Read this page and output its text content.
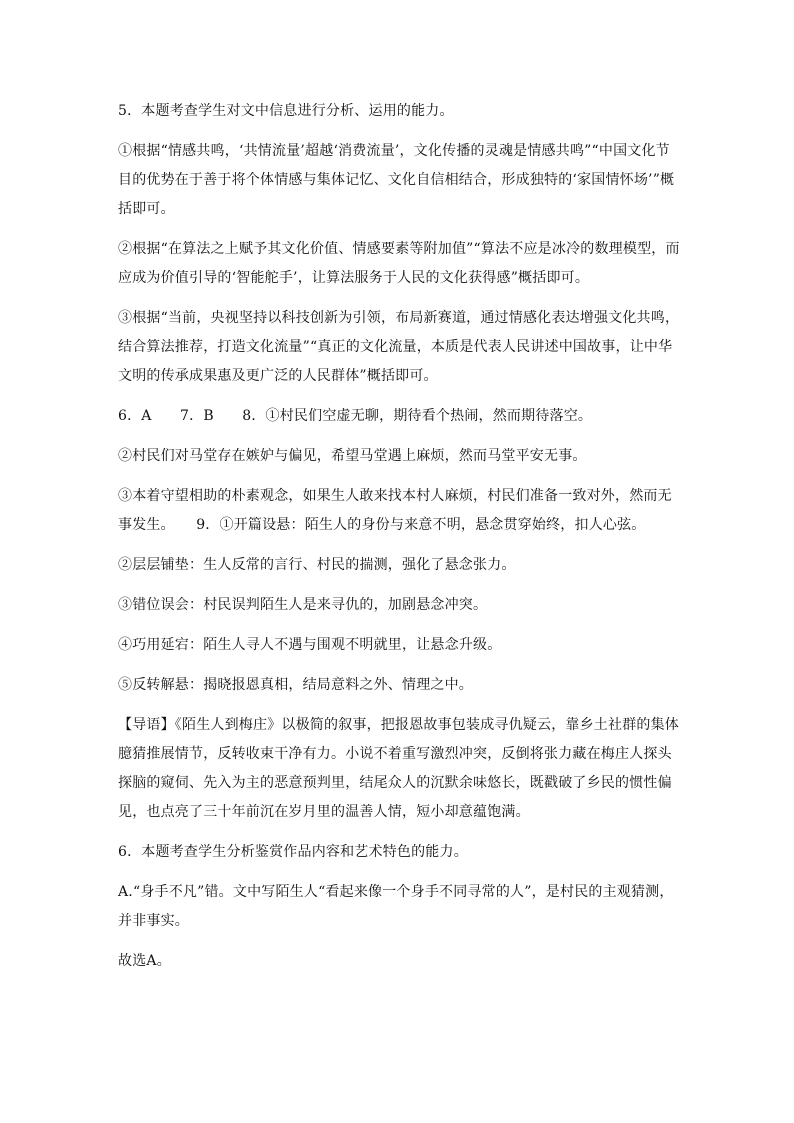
5．本题考查学生对文中信息进行分析、运用的能力。

①根据“情感共鸣，‘共情流量’超越‘消费流量’，文化传播的灵魂是情感共鸣”“中国文化节目的优势在于善于将个体情感与集体记忆、文化自信相结合，形成独特的‘家国情怀场’”概括即可。

②根据“在算法之上赋予其文化价值、情感要素等附加值”“算法不应是冰冷的数理模型，而应成为价值引导的‘智能舵手’，让算法服务于人民的文化获得感”概括即可。

③根据“当前，央视坚持以科技创新为引领，布局新赛道，通过情感化表达增强文化共鸣，结合算法推荐，打造文化流量”“真正的文化流量，本质是代表人民讲述中国故事，让中华文明的传承成果惠及更广泛的人民群体”概括即可。

6．A　　7．B　　8．①村民们空虚无聊，期待看个热闹，然而期待落空。

②村民们对马堂存在嫉妒与偏见，希望马堂遇上麻烦，然而马堂平安无事。

③本着守望相助的朴素观念，如果生人敢来找本村人麻烦，村民们准备一致对外，然而无事发生。　　9．①开篇设悬：陌生人的身份与来意不明，悬念贯穿始终，扣人心弦。

②层层铺垫：生人反常的言行、村民的揣测，强化了悬念张力。

③错位误会：村民误判陌生人是来寻仇的，加剧悬念冲突。

④巧用延宕：陌生人寻人不遇与围观不明就里，让悬念升级。

⑤反转解悬：揭晓报恩真相，结局意料之外、情理之中。

【导语】《陌生人到梅庄》以极简的叙事，把报恩故事包装成寻仇疑云，靠乡土社群的集体臆猜推展情节，反转收束干净有力。小说不着重写激烈冲突，反倒将张力藏在梅庄人探头探脑的窥伺、先入为主的恶意预判里，结尾众人的沉默余味悠长，既戳破了乡民的惯性偏见，也点亮了三十年前沉在岁月里的温善人情，短小却意蕴饱满。

6．本题考查学生分析鉴赏作品内容和艺术特色的能力。

A.“身手不凡”错。文中写陌生人“看起来像一个身手不同寻常的人”，是村民的主观猜测，并非事实。

故选A。
